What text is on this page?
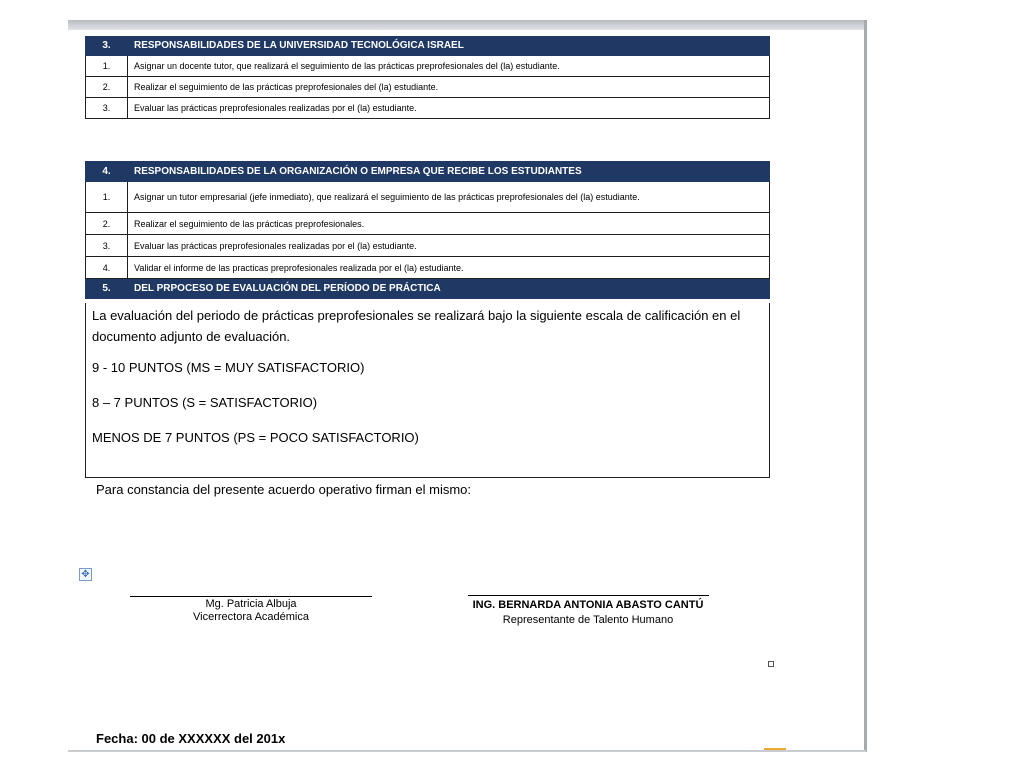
3.	RESPONSABILIDADES DE LA UNIVERSIDAD TECNOLÓGICA ISRAEL
1.	Asignar un docente tutor, que realizará el seguimiento de las prácticas preprofesionales del (la) estudiante.
2.	Realizar el seguimiento de las prácticas preprofesionales del (la) estudiante.
3.	Evaluar las prácticas preprofesionales realizadas por el (la) estudiante.
4.	RESPONSABILIDADES DE LA ORGANIZACIÓN O EMPRESA QUE RECIBE LOS ESTUDIANTES
1.	Asignar un tutor empresarial (jefe inmediato), que realizará el seguimiento de las prácticas preprofesionales del (la) estudiante.
2.	Realizar el seguimiento de las prácticas preprofesionales.
3.	Evaluar las prácticas preprofesionales realizadas por el (la) estudiante.
4.	Validar el informe de las practicas preprofesionales realizada por el (la) estudiante.
5.	DEL PRPOCESO DE EVALUACIÓN DEL PERÍODO DE PRÁCTICA
La evaluación del periodo de prácticas preprofesionales se realizará bajo la siguiente escala de calificación en el documento adjunto de evaluación.
9 - 10 PUNTOS (MS = MUY SATISFACTORIO)
8 – 7 PUNTOS (S = SATISFACTORIO)
MENOS DE 7 PUNTOS (PS = POCO SATISFACTORIO)
Para constancia del presente acuerdo operativo firman el mismo:
✥
Mg. Patricia Albuja
Vicerrectora Académica
ING. BERNARDA ANTONIA ABASTO CANTÚ
Representante de Talento Humano
Fecha: 00 de XXXXXX del 201x
